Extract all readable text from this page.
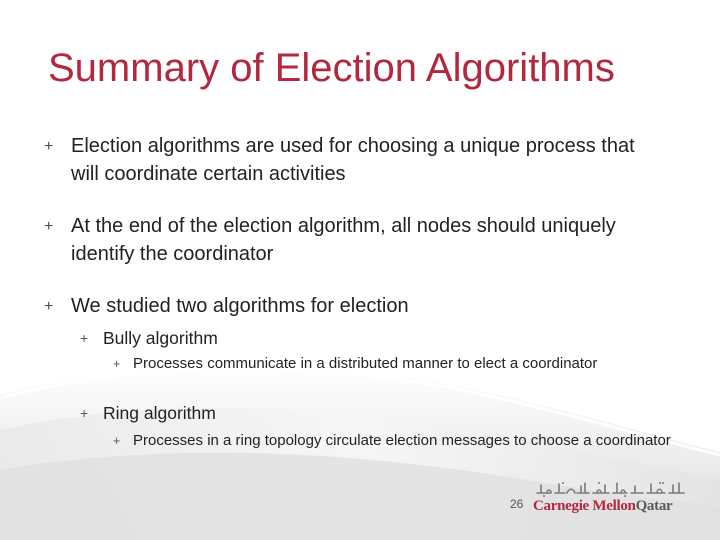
Summary of Election Algorithms
+ Election algorithms are used for choosing a unique process that will coordinate certain activities
+ At the end of the election algorithm, all nodes should uniquely identify the coordinator
+ We studied two algorithms for election
+ Bully algorithm
+ Processes communicate in a distributed manner to elect a coordinator
+ Ring algorithm
+ Processes in a ring topology circulate election messages to choose a coordinator
26 Carnegie MellonQatar
